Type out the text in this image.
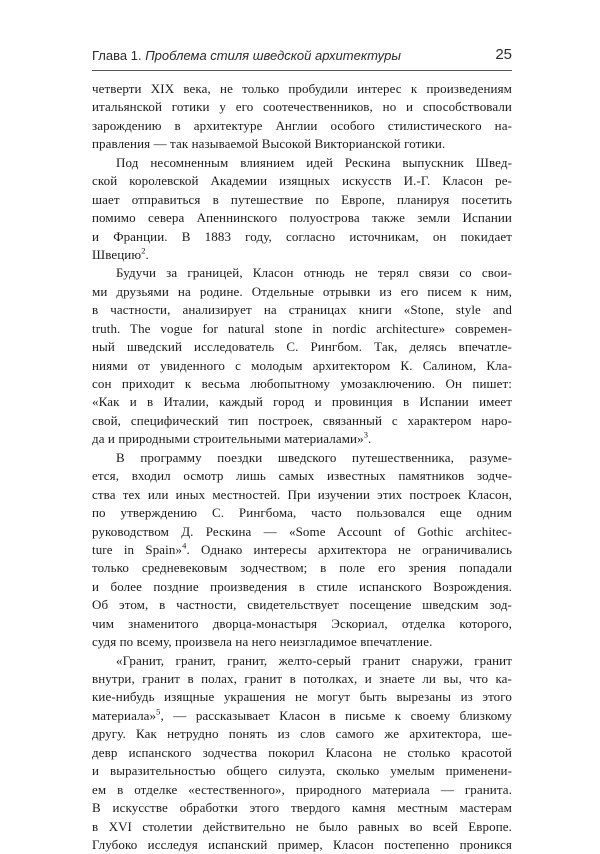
Глава 1. Проблема стиля шведской архитектуры	25
четверти XIX века, не только пробудили интерес к произведениям
итальянской готики у его соотечественников, но и способствовали
зарождению в архитектуре Англии особого стилистического на-
правления — так называемой Высокой Викторианской готики.
Под несомненным влиянием идей Рескина выпускник Швед-
ской королевской Академии изящных искусств И.-Г. Класон ре-
шает отправиться в путешествие по Европе, планируя посетить
помимо севера Апеннинского полуострова также земли Испании
и Франции. В 1883 году, согласно источникам, он покидает
Швецию$^2$.
Будучи за границей, Класон отнюдь не терял связи со свои-
ми друзьями на родине. Отдельные отрывки из его писем к ним,
в частности, анализирует на страницах книги «Stone, style and
truth. The vogue for natural stone in nordic architecture» современ-
ный шведский исследователь С. Рингбом. Так, делясь впечатле-
ниями от увиденного с молодым архитектором К. Салином, Кла-
сон приходит к весьма любопытному умозаключению. Он пишет:
«Как и в Италии, каждый город и провинция в Испании имеет
свой, специфический тип построек, связанный с характером наро-
да и природными строительными материалами»$^3$.
В программу поездки шведского путешественника, разуме-
ется, входил осмотр лишь самых известных памятников зодче-
ства тех или иных местностей. При изучении этих построек Класон,
по утверждению С. Рингбома, часто пользовался еще одним
руководством Д. Рескина — «Some Account of Gothic architec-
ture in Spain»$^4$. Однако интересы архитектора не ограничивались
только средневековым зодчеством; в поле его зрения попадали
и более поздние произведения в стиле испанского Возрождения.
Об этом, в частности, свидетельствует посещение шведским зод-
чим знаменитого дворца-монастыря Эскориал, отделка которого,
судя по всему, произвела на него неизгладимое впечатление.
«Гранит, гранит, гранит, желто-серый гранит снаружи, гранит
внутри, гранит в полах, гранит в потолках, и знаете ли вы, что ка-
кие-нибудь изящные украшения не могут быть вырезаны из этого
материала»$^5$, — рассказывает Класон в письме к своему близкому
другу. Как нетрудно понять из слов самого же архитектора, ше-
девр испанского зодчества покорил Класона не столько красотой
и выразительностью общего силуэта, сколько умелым применени-
ем в отделке «естественного», природного материала — гранита.
В искусстве обработки этого твердого камня местным мастерам
в XVI столетии действительно не было равных во всей Европе.
Глубоко исследуя испанский пример, Класон постепенно проникся
